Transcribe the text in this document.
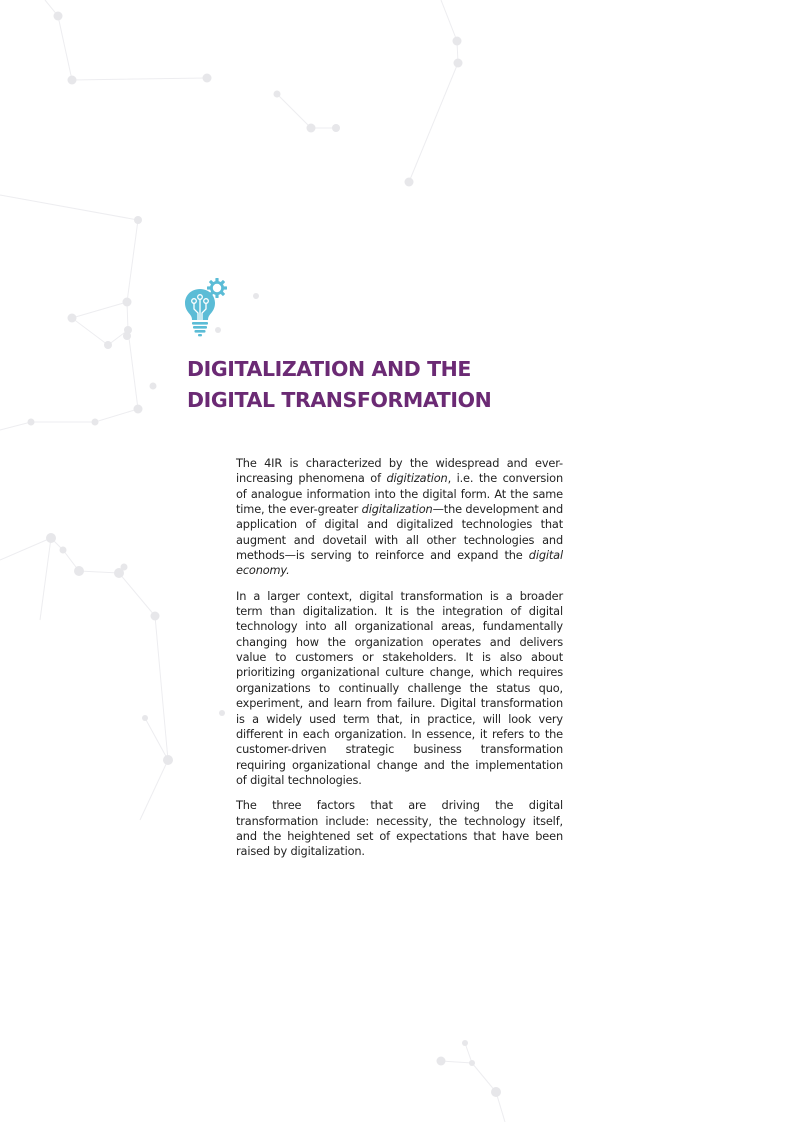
DIGITALIZATION AND THE
DIGITAL TRANSFORMATION

The 4IR is characterized by the widespread and ever-increasing phenomena of digitization, i.e. the conversion of analogue information into the digital form. At the same time, the ever-greater digitalization—the development and application of digital and digitalized technologies that augment and dovetail with all other technologies and methods—is serving to reinforce and expand the digital economy.

In a larger context, digital transformation is a broader term than digitalization. It is the integration of digital technology into all organizational areas, fundamentally changing how the organization operates and delivers value to customers or stakeholders. It is also about prioritizing organizational culture change, which requires organizations to continually challenge the status quo, experiment, and learn from failure. Digital transformation is a widely used term that, in practice, will look very different in each organization. In essence, it refers to the customer-driven strategic business transformation requiring organizational change and the implementation of digital technologies.

The three factors that are driving the digital transformation include: necessity, the technology itself, and the heightened set of expectations that have been raised by digitalization.
